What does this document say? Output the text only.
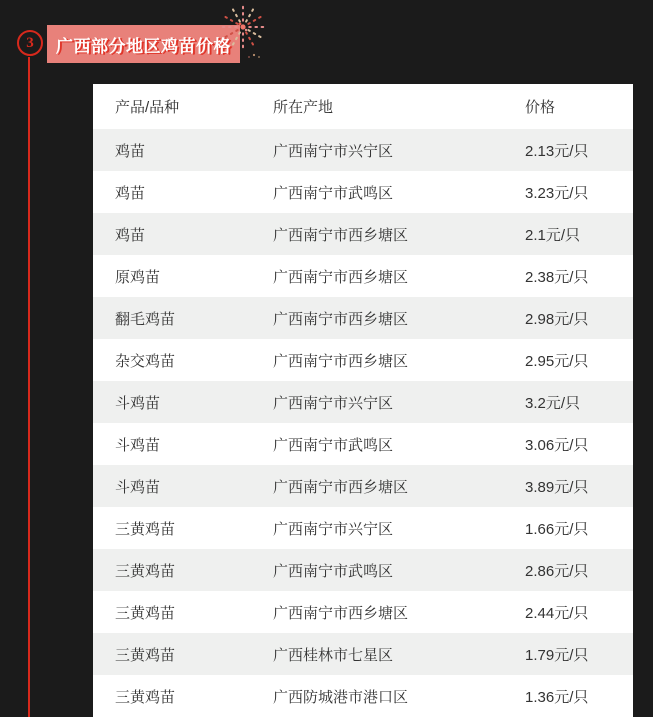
3 广西部分地区鸡苗价格
产品/品种	所在产地	价格
鸡苗	广西南宁市兴宁区	2.13元/只
鸡苗	广西南宁市武鸣区	3.23元/只
鸡苗	广西南宁市西乡塘区	2.1元/只
原鸡苗	广西南宁市西乡塘区	2.38元/只
翻毛鸡苗	广西南宁市西乡塘区	2.98元/只
杂交鸡苗	广西南宁市西乡塘区	2.95元/只
斗鸡苗	广西南宁市兴宁区	3.2元/只
斗鸡苗	广西南宁市武鸣区	3.06元/只
斗鸡苗	广西南宁市西乡塘区	3.89元/只
三黄鸡苗	广西南宁市兴宁区	1.66元/只
三黄鸡苗	广西南宁市武鸣区	2.86元/只
三黄鸡苗	广西南宁市西乡塘区	2.44元/只
三黄鸡苗	广西桂林市七星区	1.79元/只
三黄鸡苗	广西防城港市港口区	1.36元/只
